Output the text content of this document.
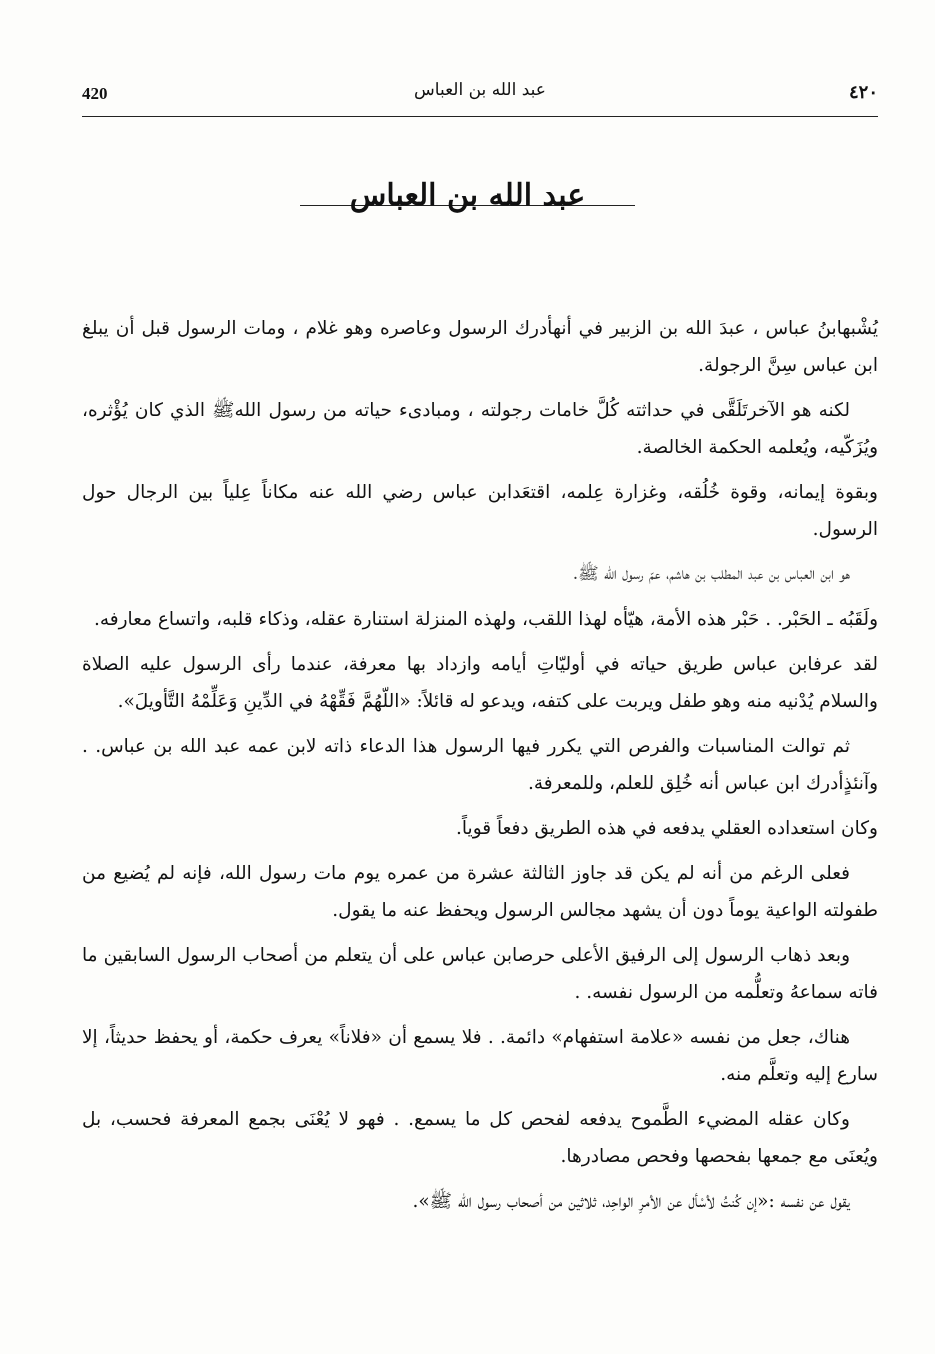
420	عبد الله بن العباس	٤٢٠
عبد الله بن العباس

يُشْبهابنُ عباس ، عبدَ الله بن الزبير في أنهأدرك الرسول وعاصره وهو غلام ، ومات الرسول قبل أن يبلغ ابن عباس سِنَّ الرجولة.

لكنه هو الآخرتَلَقَّى في حداثته كُلَّ خامات رجولته ، ومبادىء حياته من رسول اللهﷺ الذي كان يُؤْثره، ويُزَكّيه، ويُعلمه الحكمة الخالصة.

وبقوة إيمانه، وقوة خُلُقه، وغزارة عِلمه، اقتعَدابن عباس رضي الله عنه مكاناً عِلياً بين الرجال حول الرسول.

هو ابن العباس بن عبد المطلب بن هاشم، عمّ رسول الله ﷺ.

ولَقَبُه ـ الحَبْر. . حَبْر هذه الأمة، هيّأه لهذا اللقب، ولهذه المنزلة استنارة عقله، وذكاء قلبه، واتساع معارفه.

لقد عرفابن عباس طريق حياته في أوليّاتِ أيامه وازداد بها معرفة، عندما رأى الرسول عليه الصلاة والسلام يُدْنيه منه وهو طفل ويربت على كتفه، ويدعو له قائلاً: «اللّهُمَّ فَقِّهْهُ في الدِّينِ وَعَلِّمْهُ التَّأويلَ».

ثم توالت المناسبات والفرص التي يكرر فيها الرسول هذا الدعاء ذاته لابن عمه عبد الله بن عباس. . وآنئذٍأدرك ابن عباس أنه خُلِق للعلم، وللمعرفة.

وكان استعداده العقلي يدفعه في هذه الطريق دفعاً قوياً.

فعلى الرغم من أنه لم يكن قد جاوز الثالثة عشرة من عمره يوم مات رسول الله، فإنه لم يُضيع من طفولته الواعية يوماً دون أن يشهد مجالس الرسول ويحفظ عنه ما يقول.

وبعد ذهاب الرسول إلى الرفيق الأعلى حرصابن عباس على أن يتعلم من أصحاب الرسول السابقين ما فاته سماعهُ وتعلُّمه من الرسول نفسه. .

هناك، جعل من نفسه «علامة استفهام» دائمة. . فلا يسمع أن «فلاناً» يعرف حكمة، أو يحفظ حديثاً، إلا سارع إليه وتعلَّم منه.

وكان عقله المضيء الطَّموح يدفعه لفحص كل ما يسمع. . فهو لا يُعْنَى بجمع المعرفة فحسب، بل ويُعنَى مع جمعها بفحصها وفحص مصادرها.

يقول عن نفسه :«إن كُنتُ لأسْأل عن الأمرِ الواحِد، ثلاثين من أصحاب رسول الله ﷺ».
